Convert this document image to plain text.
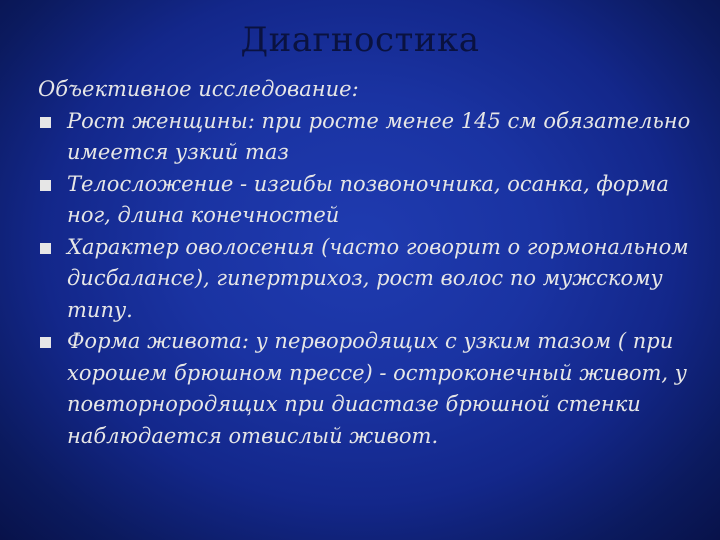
Диагностика
Объективное исследование:
Рост женщины: при росте менее 145 см обязательно имеется узкий таз
Телосложение - изгибы позвоночника, осанка, форма ног, длина конечностей
Характер оволосения (часто говорит о гормональном дисбалансе), гипертрихоз, рост волос по мужскому типу.
Форма живота: у первородящих с узким тазом ( при хорошем брюшном прессе) - остроконечный живот, у повторнородящих при диастазе брюшной стенки наблюдается отвислый живот.
